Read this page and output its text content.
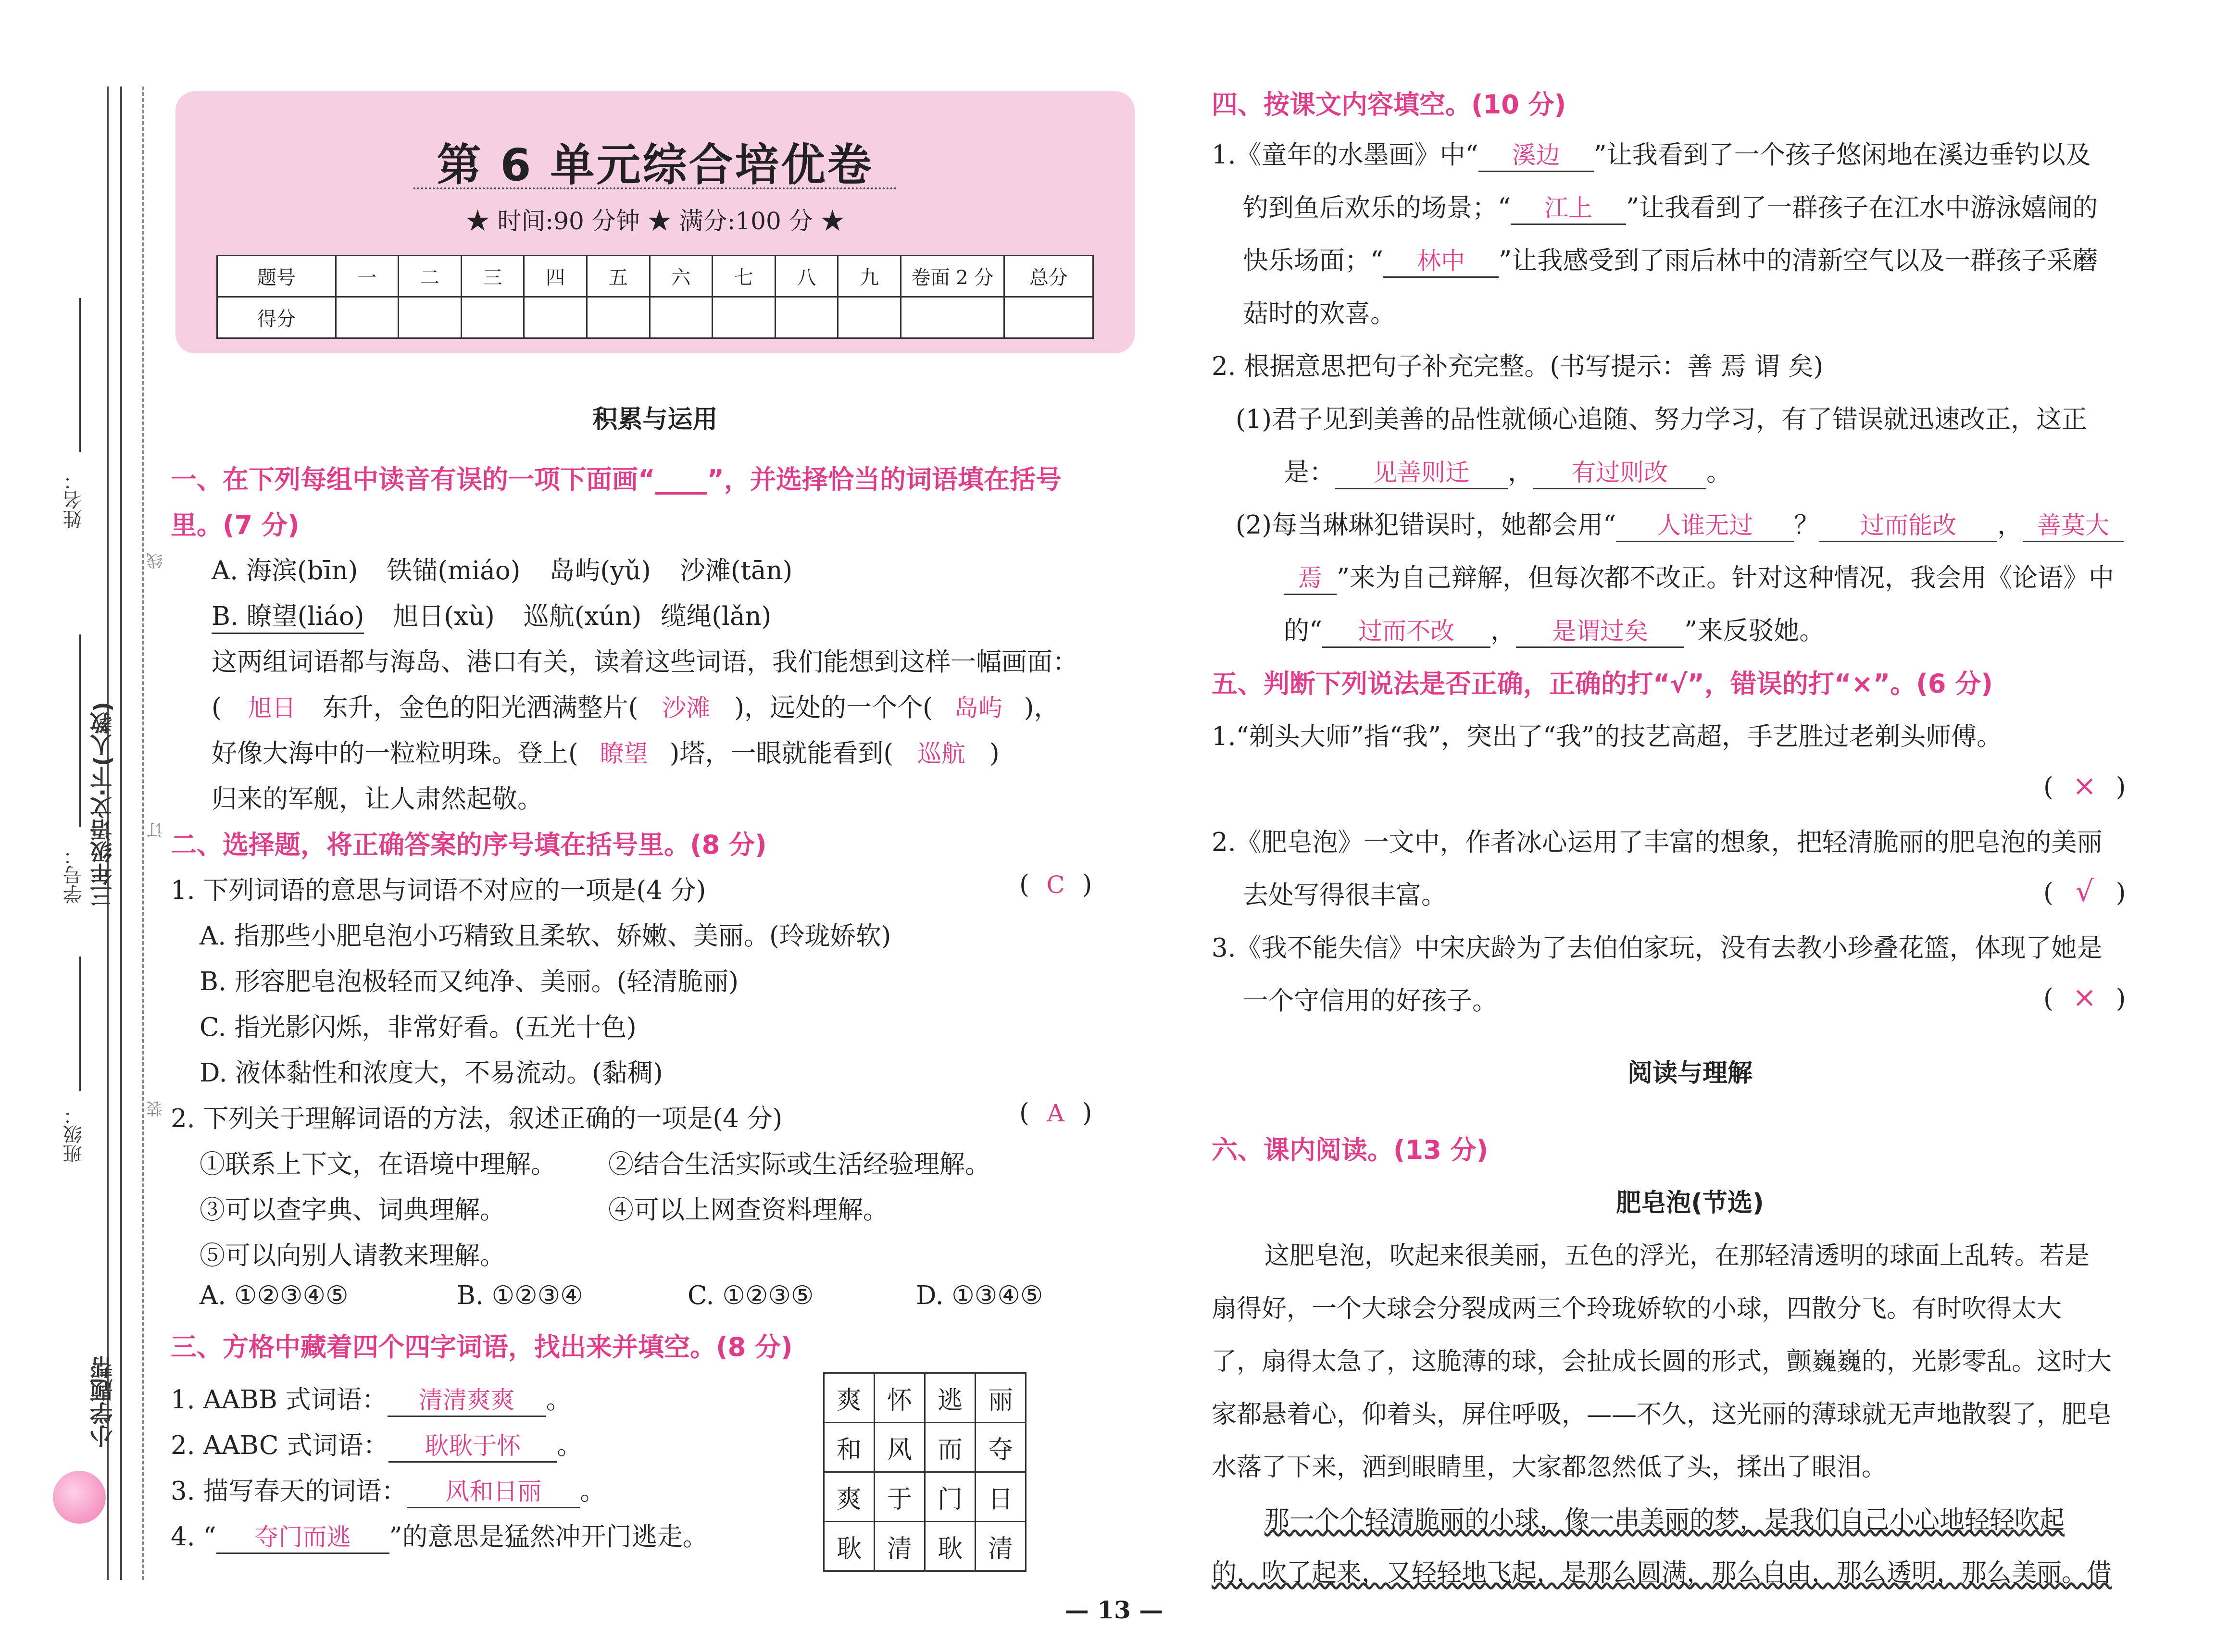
姓名：
学号： 三年级语文·下(人教)
班级：
线
订
装
小学题帮
第 6 单元综合培优卷
★ 时间:90 分钟 ★ 满分:100 分 ★
题号	一	二	三	四	五	六	七	八	九	卷面 2 分	总分
得分											
积累与运用
一、在下列每组中读音有误的一项下面画“____”，并选择恰当的词语填在括号
里。(7 分)
A. 海滨(bīn) 铁锚(miáo) 岛屿(yǔ) 沙滩(tān)
B. 瞭望(liáo) 旭日(xù) 巡航(xún) 缆绳(lǎn)
这两组词语都与海岛、港口有关，读着这些词语，我们能想到这样一幅画面：
( 旭日 东升，金色的阳光洒满整片( 沙滩 )，远处的一个个( 岛屿 )，
好像大海中的一粒粒明珠。登上( 瞭望 )塔，一眼就能看到( 巡航 )
归来的军舰，让人肃然起敬。
二、选择题，将正确答案的序号填在括号里。(8 分)
1. 下列词语的意思与词语不对应的一项是(4 分)	( C )
A. 指那些小肥皂泡小巧精致且柔软、娇嫩、美丽。(玲珑娇软)
B. 形容肥皂泡极轻而又纯净、美丽。(轻清脆丽)
C. 指光影闪烁，非常好看。(五光十色)
D. 液体黏性和浓度大，不易流动。(黏稠)
2. 下列关于理解词语的方法，叙述正确的一项是(4 分)	( A )
①联系上下文，在语境中理解。 ②结合生活实际或生活经验理解。
③可以查字典、词典理解。	④可以上网查资料理解。
⑤可以向别人请教来理解。
A. ①②③④⑤	B. ①②③④	C. ①②③⑤	D. ①③④⑤
三、方格中藏着四个四字词语，找出来并填空。(8 分)
1. AABB 式词语： 清清爽爽 。
2. AABC 式词语： 耿耿于怀 。
3. 描写春天的词语： 风和日丽 。
4. “ 夺门而逃 ”的意思是猛然冲开门逃走。
爽	怀	逃	丽
和	风	而	夺
爽	于	门	日
耿	清	耿	清
四、按课文内容填空。(10 分)
1.《童年的水墨画》中“ 溪边 ”让我看到了一个孩子悠闲地在溪边垂钓以及
钓到鱼后欢乐的场景；“ 江上 ”让我看到了一群孩子在江水中游泳嬉闹的
快乐场面；“ 林中 ”让我感受到了雨后林中的清新空气以及一群孩子采蘑
菇时的欢喜。
2. 根据意思把句子补充完整。(书写提示：善 焉 谓 矣)
(1)君子见到美善的品性就倾心追随、努力学习，有了错误就迅速改正，这正
是： 见善则迁 ， 有过则改 。
(2)每当琳琳犯错误时，她都会用“ 人谁无过 ？ 过而能改 ， 善莫大
焉 ”来为自己辩解，但每次都不改正。针对这种情况，我会用《论语》中
的“ 过而不改 ， 是谓过矣 ”来反驳她。
五、判断下列说法是否正确，正确的打“√”，错误的打“×”。(6 分)
1.“剃头大师”指“我”，突出了“我”的技艺高超，手艺胜过老剃头师傅。
( × )
2.《肥皂泡》一文中，作者冰心运用了丰富的想象，把轻清脆丽的肥皂泡的美丽
去处写得很丰富。	( √ )
3.《我不能失信》中宋庆龄为了去伯伯家玩，没有去教小珍叠花篮，体现了她是
一个守信用的好孩子。	( × )
阅读与理解
六、课内阅读。(13 分)
肥皂泡(节选)
这肥皂泡，吹起来很美丽，五色的浮光，在那轻清透明的球面上乱转。若是
扇得好，一个大球会分裂成两三个玲珑娇软的小球，四散分飞。有时吹得太大
了，扇得太急了，这脆薄的球，会扯成长圆的形式，颤巍巍的，光影零乱。这时大
家都悬着心，仰着头，屏住呼吸，——不久，这光丽的薄球就无声地散裂了，肥皂
水落了下来，洒到眼睛里，大家都忽然低了头，揉出了眼泪。
那一个个轻清脆丽的小球，像一串美丽的梦，是我们自己小心地轻轻吹起
的，吹了起来，又轻轻地飞起，是那么圆满，那么自由，那么透明，那么美丽。借
— 13 —
